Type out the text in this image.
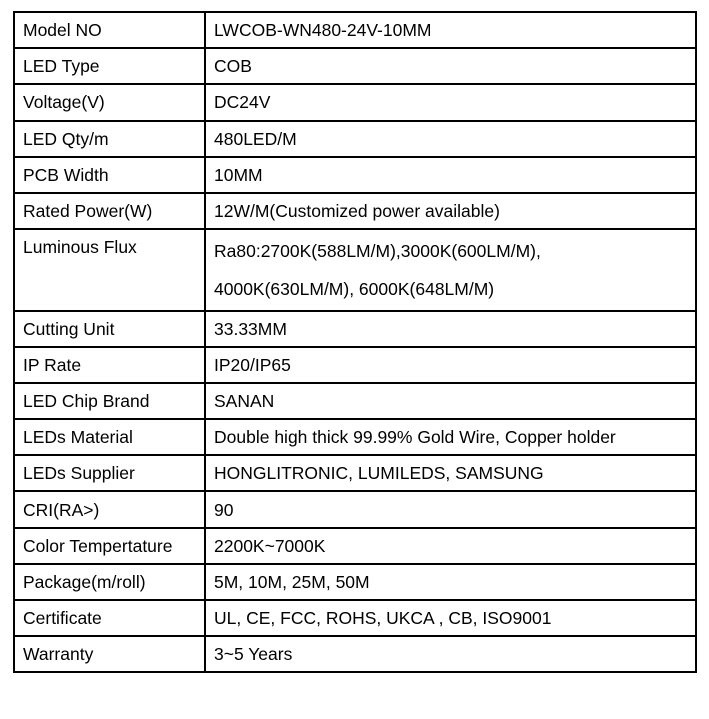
Model NO	LWCOB-WN480-24V-10MM
LED Type	COB
Voltage(V)	DC24V
LED Qty/m	480LED/M
PCB Width	10MM
Rated Power(W)	12W/M(Customized power available)
Luminous Flux	Ra80:2700K(588LM/M),3000K(600LM/M),
4000K(630LM/M), 6000K(648LM/M)

Cutting Unit	33.33MM
IP Rate	IP20/IP65
LED Chip Brand	SANAN
LEDs Material	Double high thick 99.99% Gold Wire, Copper holder
LEDs Supplier	HONGLITRONIC, LUMILEDS, SAMSUNG
CRI(RA>)	90
Color Tempertature	2200K~7000K
Package(m/roll)	5M, 10M, 25M, 50M
Certificate	UL, CE, FCC, ROHS, UKCA , CB, ISO9001
Warranty	3~5 Years
